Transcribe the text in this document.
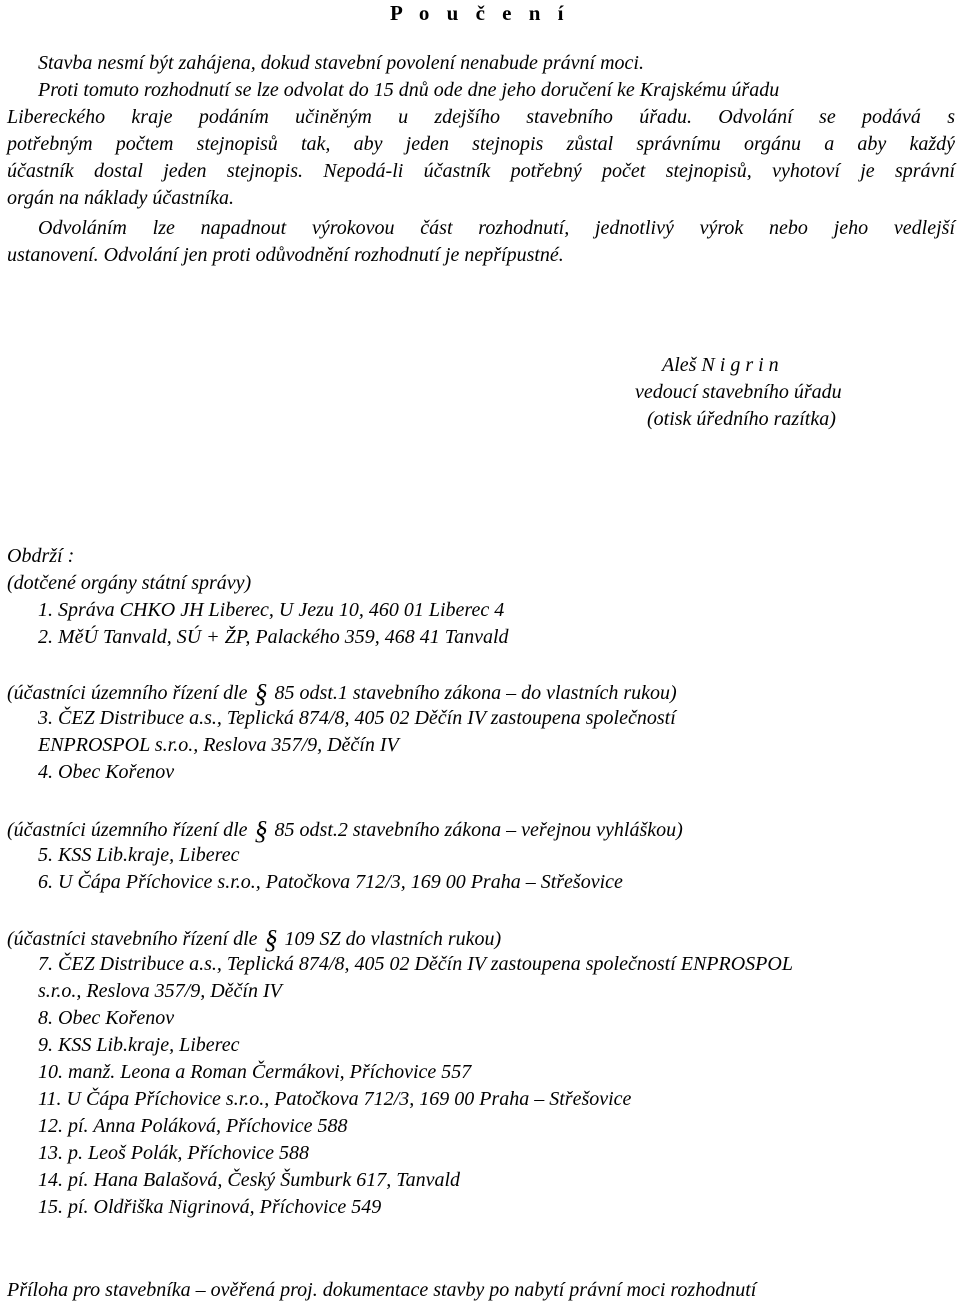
P o u č e n í
Stavba nesmí být zahájena, dokud stavební povolení nenabude právní moci.
Proti tomuto rozhodnutí se lze odvolat do 15 dnů ode dne jeho doručení ke Krajskému úřadu
Libereckého kraje podáním učiněným u zdejšího stavebního úřadu. Odvolání se podává s
potřebným počtem stejnopisů tak, aby jeden stejnopis zůstal správnímu orgánu a aby každý
účastník dostal jeden stejnopis. Nepodá-li účastník potřebný počet stejnopisů, vyhotoví je správní
orgán na náklady účastníka.
Odvoláním lze napadnout výrokovou část rozhodnutí, jednotlivý výrok nebo jeho vedlejší
ustanovení. Odvolání jen proti odůvodnění rozhodnutí je nepřípustné.
Aleš N i g r i n
vedoucí stavebního úřadu
(otisk úředního razítka)
Obdrží :
(dotčené orgány státní správy)
1. Správa CHKO JH Liberec, U Jezu 10, 460 01 Liberec 4
2. MěÚ Tanvald, SÚ + ŽP, Palackého 359, 468 41 Tanvald
(účastníci územního řízení dle § 85 odst.1 stavebního zákona – do vlastních rukou)
3. ČEZ Distribuce a.s., Teplická 874/8, 405 02 Děčín IV zastoupena společností
ENPROSPOL s.r.o., Reslova 357/9, Děčín IV
4. Obec Kořenov
(účastníci územního řízení dle § 85 odst.2 stavebního zákona – veřejnou vyhláškou)
5. KSS Lib.kraje, Liberec
6. U Čápa Příchovice s.r.o., Patočkova 712/3, 169 00 Praha – Střešovice
(účastníci stavebního řízení dle § 109 SZ do vlastních rukou)
7. ČEZ Distribuce a.s., Teplická 874/8, 405 02 Děčín IV zastoupena společností ENPROSPOL
s.r.o., Reslova 357/9, Děčín IV
8. Obec Kořenov
9. KSS Lib.kraje, Liberec
10. manž. Leona a Roman Čermákovi, Příchovice 557
11. U Čápa Příchovice s.r.o., Patočkova 712/3, 169 00 Praha – Střešovice
12. pí. Anna Poláková, Příchovice 588
13. p. Leoš Polák, Příchovice 588
14. pí. Hana Balašová, Český Šumburk 617, Tanvald
15. pí. Oldřiška Nigrinová, Příchovice 549
Příloha pro stavebníka – ověřená proj. dokumentace stavby po nabytí právní moci rozhodnutí
